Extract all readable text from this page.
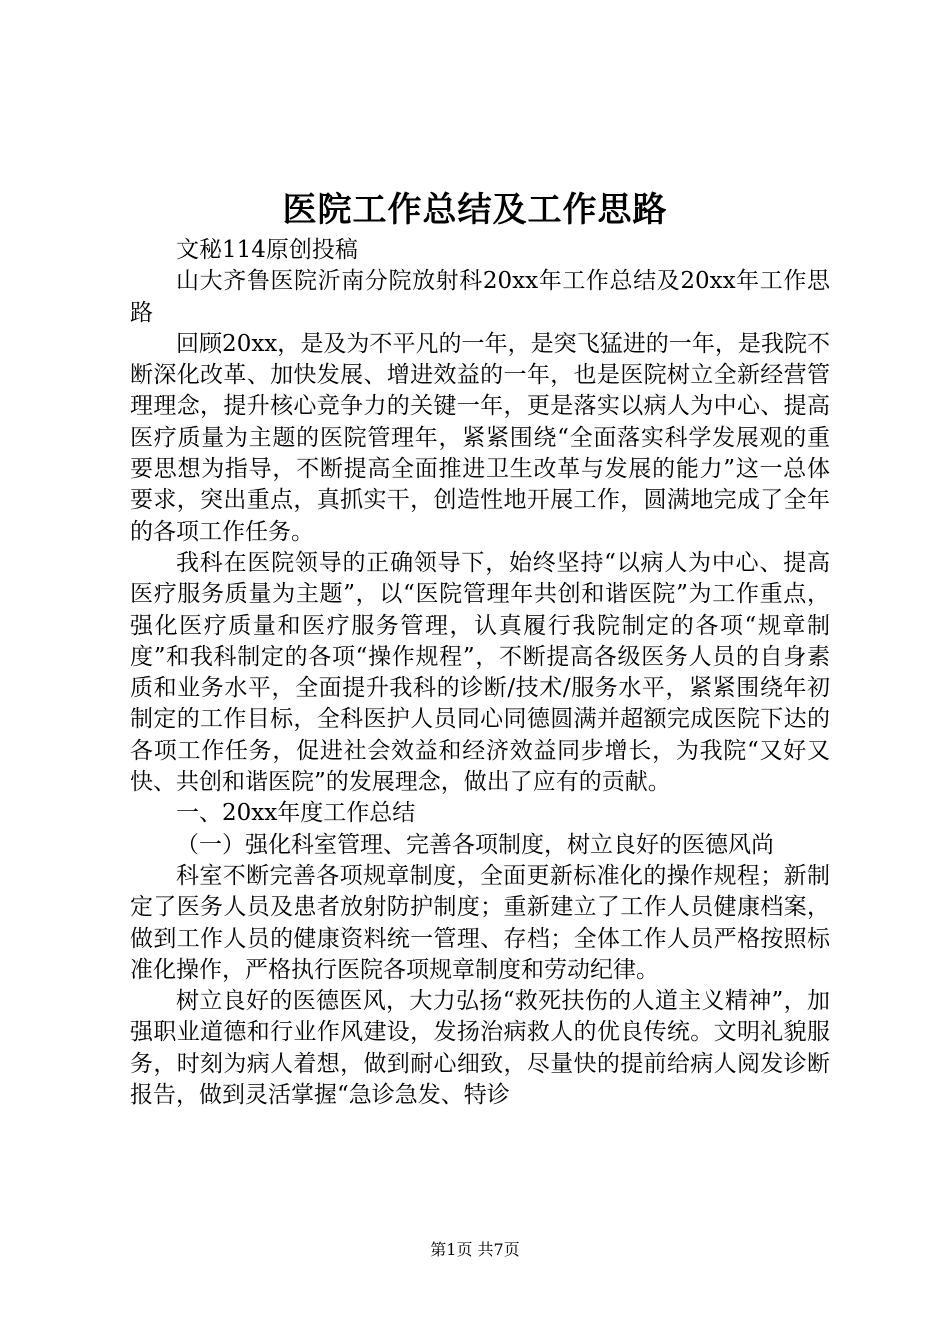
医院工作总结及工作思路

文秘114原创投稿

山大齐鲁医院沂南分院放射科20xx年工作总结及20xx年工作思路

回顾20xx，是及为不平凡的一年，是突飞猛进的一年，是我院不断深化改革、加快发展、增进效益的一年，也是医院树立全新经营管理理念，提升核心竞争力的关键一年，更是落实以病人为中心、提高医疗质量为主题的医院管理年，紧紧围绕“全面落实科学发展观的重要思想为指导，不断提高全面推进卫生改革与发展的能力”这一总体要求，突出重点，真抓实干，创造性地开展工作，圆满地完成了全年的各项工作任务。

我科在医院领导的正确领导下，始终坚持“以病人为中心、提高医疗服务质量为主题”，以“医院管理年共创和谐医院”为工作重点，强化医疗质量和医疗服务管理，认真履行我院制定的各项“规章制度”和我科制定的各项“操作规程”，不断提高各级医务人员的自身素质和业务水平，全面提升我科的诊断/技术/服务水平，紧紧围绕年初制定的工作目标，全科医护人员同心同德圆满并超额完成医院下达的各项工作任务，促进社会效益和经济效益同步增长，为我院“又好又快、共创和谐医院”的发展理念，做出了应有的贡献。

一、20xx年度工作总结

（一）强化科室管理、完善各项制度，树立良好的医德风尚

科室不断完善各项规章制度，全面更新标准化的操作规程；新制定了医务人员及患者放射防护制度；重新建立了工作人员健康档案，做到工作人员的健康资料统一管理、存档；全体工作人员严格按照标准化操作，严格执行医院各项规章制度和劳动纪律。

树立良好的医德医风，大力弘扬“救死扶伤的人道主义精神”，加强职业道德和行业作风建设，发扬治病救人的优良传统。文明礼貌服务，时刻为病人着想，做到耐心细致，尽量快的提前给病人阅发诊断报告，做到灵活掌握“急诊急发、特诊

第1页 共7页
